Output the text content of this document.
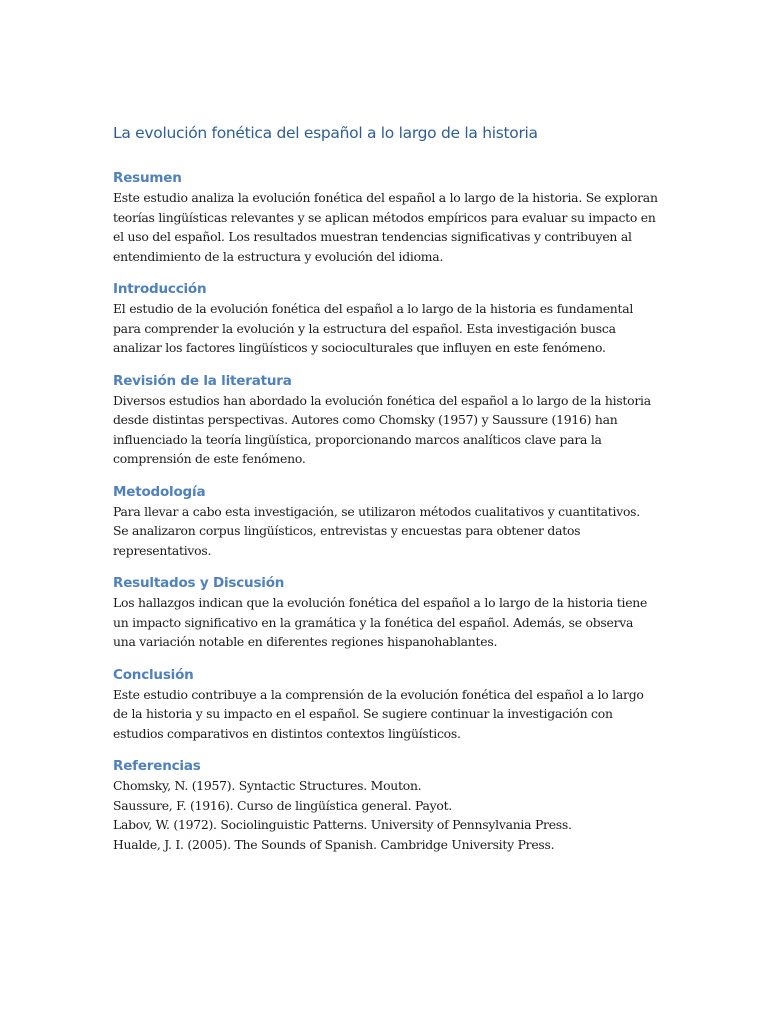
La evolución fonética del español a lo largo de la historia
Resumen

Este estudio analiza la evolución fonética del español a lo largo de la historia. Se exploran teorías lingüísticas relevantes y se aplican métodos empíricos para evaluar su impacto en el uso del español. Los resultados muestran tendencias significativas y contribuyen al entendimiento de la estructura y evolución del idioma.

Introducción

El estudio de la evolución fonética del español a lo largo de la historia es fundamental para comprender la evolución y la estructura del español. Esta investigación busca analizar los factores lingüísticos y socioculturales que influyen en este fenómeno.

Revisión de la literatura

Diversos estudios han abordado la evolución fonética del español a lo largo de la historia desde distintas perspectivas. Autores como Chomsky (1957) y Saussure (1916) han influenciado la teoría lingüística, proporcionando marcos analíticos clave para la comprensión de este fenómeno.

Metodología

Para llevar a cabo esta investigación, se utilizaron métodos cualitativos y cuantitativos. Se analizaron corpus lingüísticos, entrevistas y encuestas para obtener datos representativos.

Resultados y Discusión

Los hallazgos indican que la evolución fonética del español a lo largo de la historia tiene un impacto significativo en la gramática y la fonética del español. Además, se observa una variación notable en diferentes regiones hispanohablantes.

Conclusión

Este estudio contribuye a la comprensión de la evolución fonética del español a lo largo de la historia y su impacto en el español. Se sugiere continuar la investigación con estudios comparativos en distintos contextos lingüísticos.

Referencias
Chomsky, N. (1957). Syntactic Structures. Mouton.
Saussure, F. (1916). Curso de lingüística general. Payot.
Labov, W. (1972). Sociolinguistic Patterns. University of Pennsylvania Press.
Hualde, J. I. (2005). The Sounds of Spanish. Cambridge University Press.
